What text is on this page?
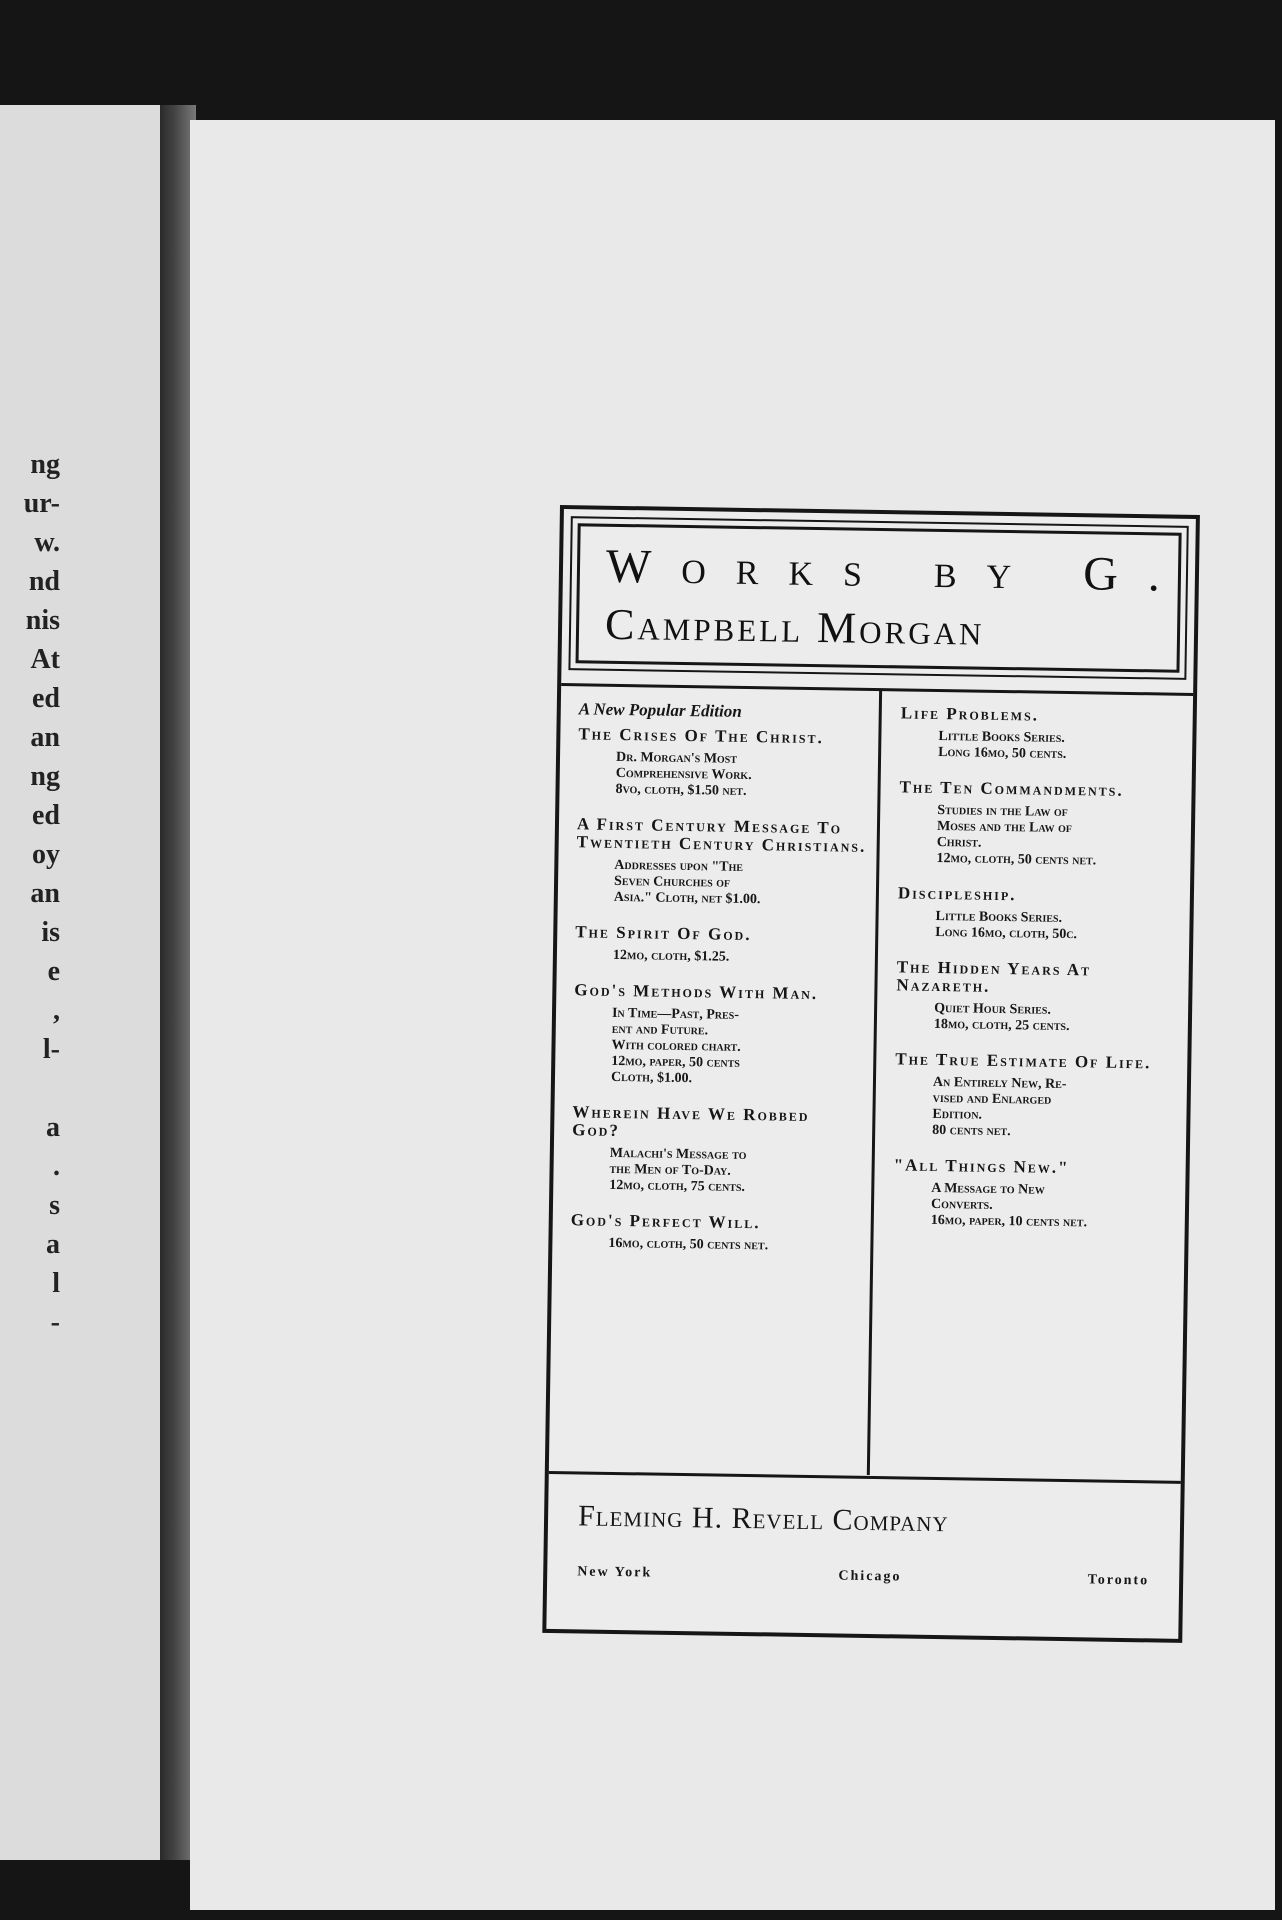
ng
ur-
w.
nd
nis
At
ed
an
ng
ed
oy
an
is
e
,
l-
a
.
s
a
l
-
Works by G.
Campbell Morgan
A New Popular Edition
The Crises Of The Christ.
Dr. Morgan's Most
Comprehensive Work.
8vo, cloth, $1.50 net.
A First Century Message To Twentieth Century Christians.
Addresses upon "The
Seven Churches of
Asia." Cloth, net $1.00.
The Spirit Of God.
12mo, cloth, $1.25.
God's Methods With Man.
In Time—Past, Pres-
ent and Future.
With colored chart.
12mo, paper, 50 cents
Cloth, $1.00.
Wherein Have We Robbed God?
Malachi's Message to
the Men of To-Day.
12mo, cloth, 75 cents.
God's Perfect Will.
16mo, cloth, 50 cents net.
Life Problems.
Little Books Series.
Long 16mo, 50 cents.
The Ten Commandments.
Studies in the Law of
Moses and the Law of
Christ.
12mo, cloth, 50 cents net.
Discipleship.
Little Books Series.
Long 16mo, cloth, 50c.
The Hidden Years At Nazareth.
Quiet Hour Series.
18mo, cloth, 25 cents.
The True Estimate Of Life.
An Entirely New, Re-
vised and Enlarged
Edition.
80 cents net.
"All Things New."
A Message to New
Converts.
16mo, paper, 10 cents net.
Fleming H. Revell Company
New York	Chicago	Toronto
